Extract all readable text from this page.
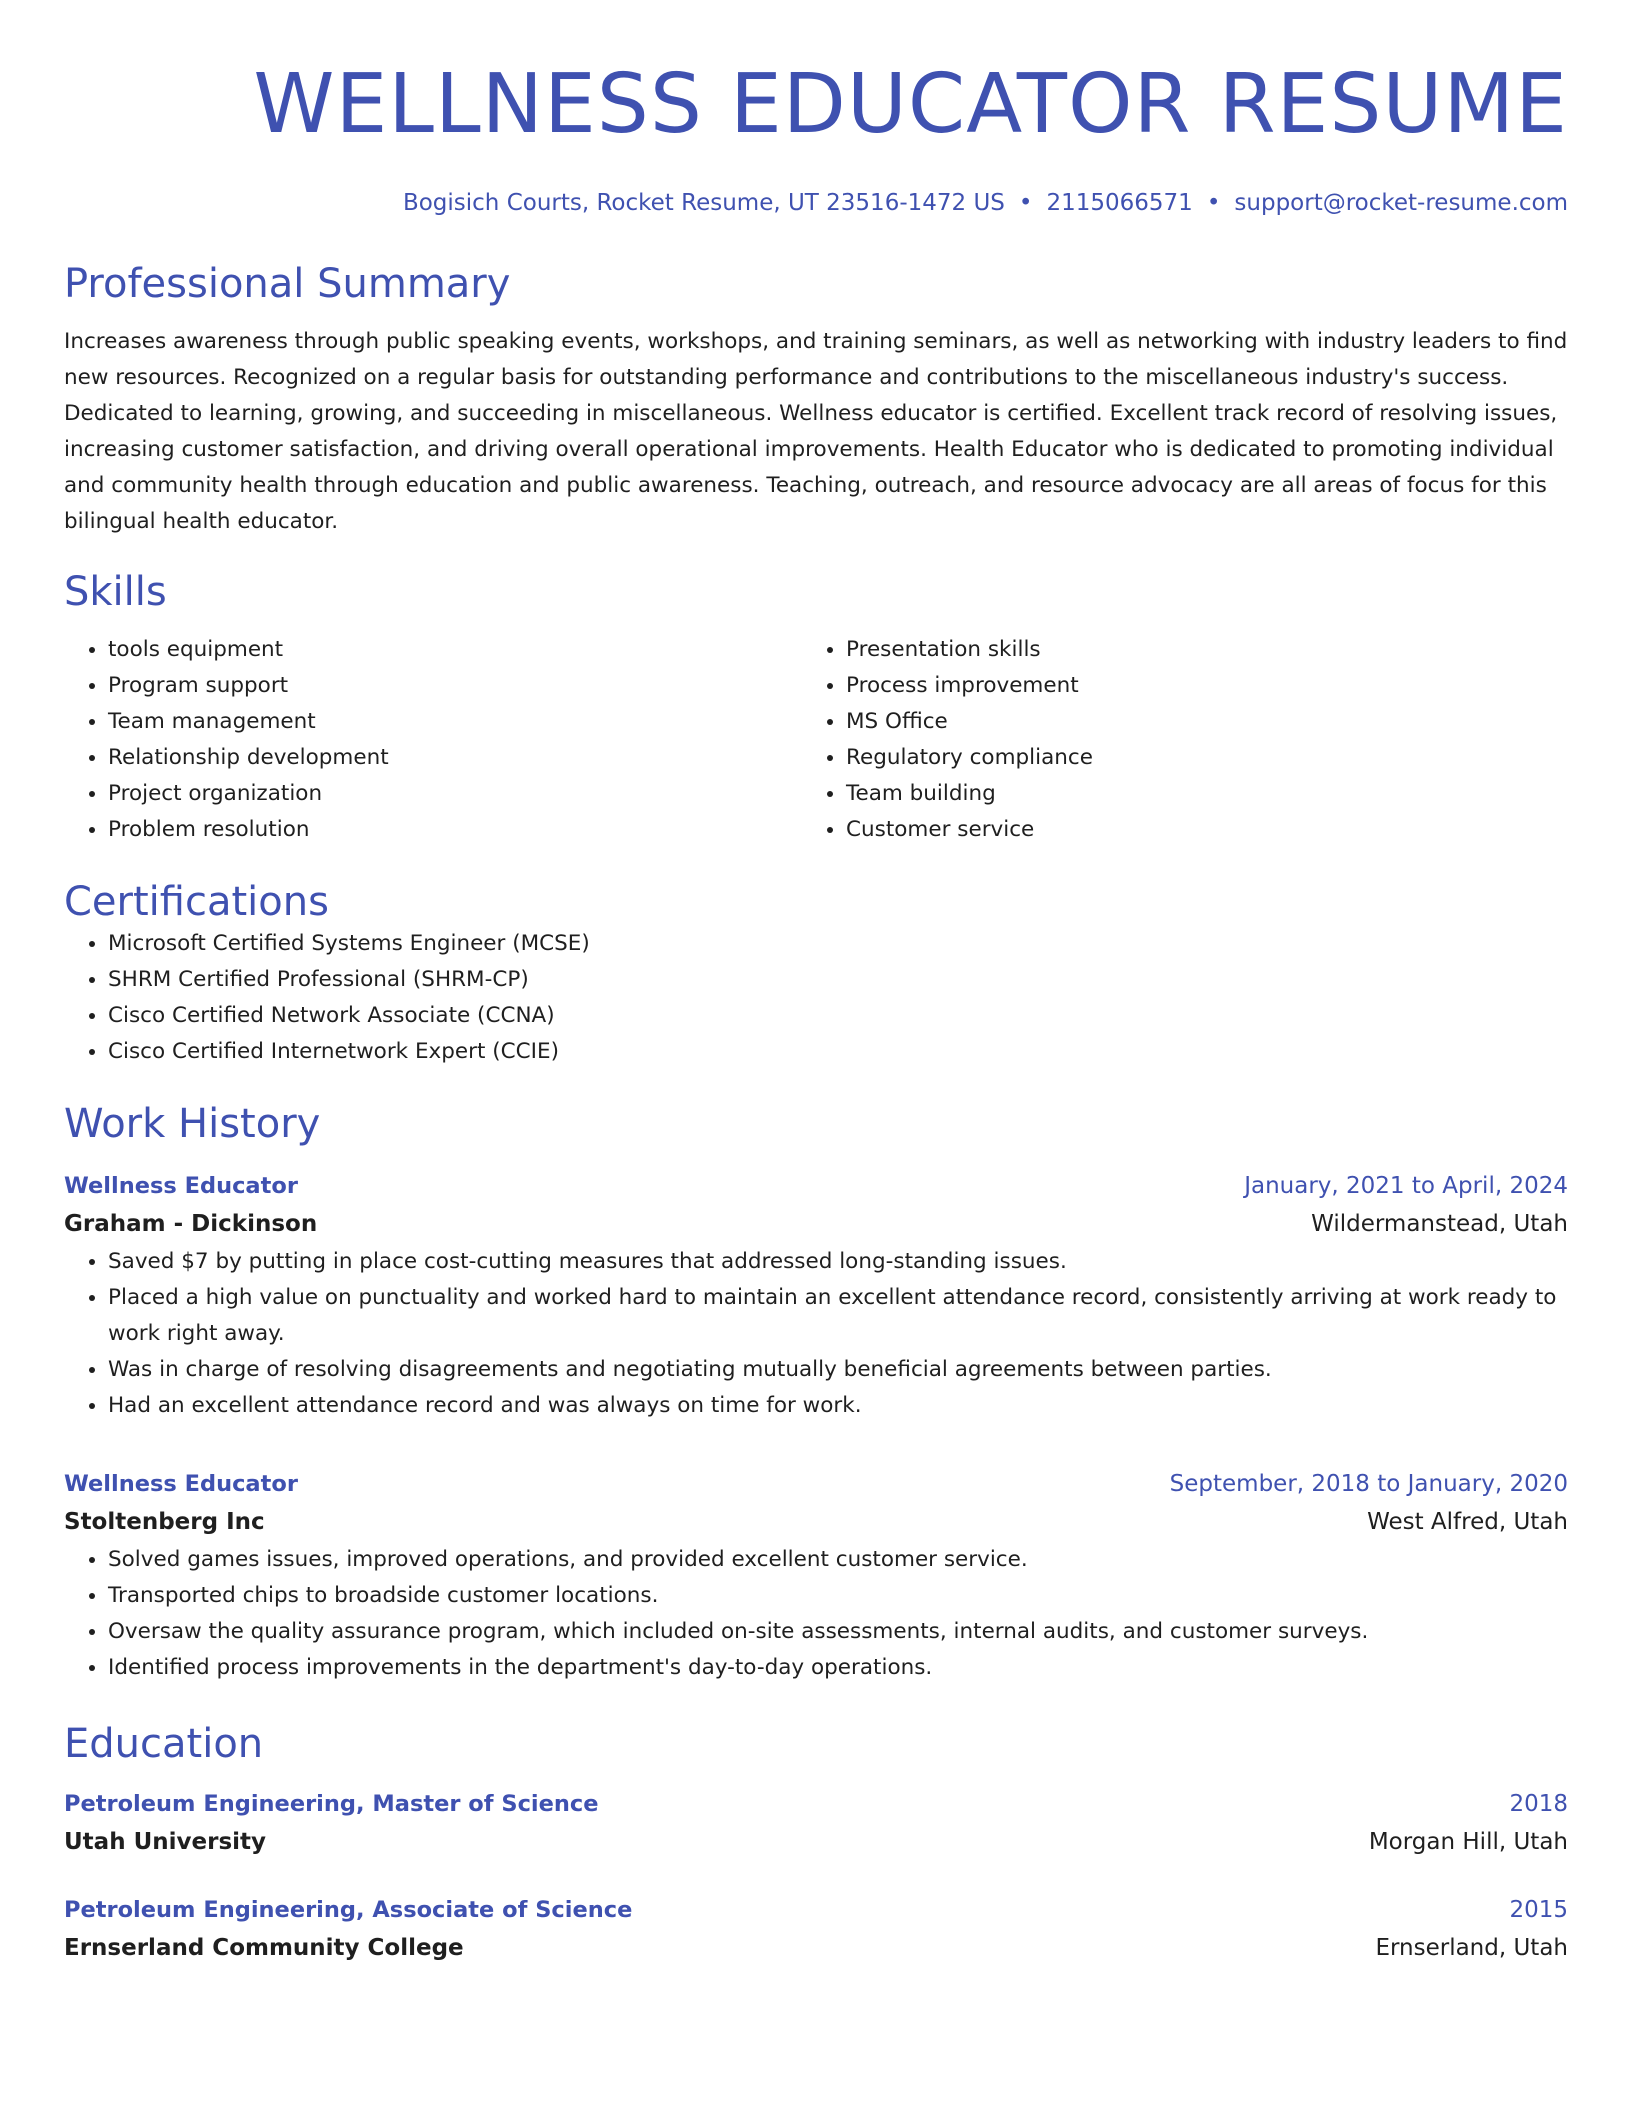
WELLNESS EDUCATOR RESUME
Bogisich Courts, Rocket Resume, UT 23516-1472 US • 2115066571 • support@rocket-resume.com
Professional Summary

Increases awareness through public speaking events, workshops, and training seminars, as well as networking with industry leaders to find new resources. Recognized on a regular basis for outstanding performance and contributions to the miscellaneous industry's success. Dedicated to learning, growing, and succeeding in miscellaneous. Wellness educator is certified. Excellent track record of resolving issues, increasing customer satisfaction, and driving overall operational improvements. Health Educator who is dedicated to promoting individual and community health through education and public awareness. Teaching, outreach, and resource advocacy are all areas of focus for this bilingual health educator.

Skills
• tools equipment
• Program support
• Team management
• Relationship development
• Project organization
• Problem resolution
• Presentation skills
• Process improvement
• MS Office
• Regulatory compliance
• Team building
• Customer service
Certifications
• Microsoft Certified Systems Engineer (MCSE)
• SHRM Certified Professional (SHRM-CP)
• Cisco Certified Network Associate (CCNA)
• Cisco Certified Internetwork Expert (CCIE)
Work History
Wellness Educator	January, 2021 to April, 2024
Graham - Dickinson	Wildermanstead, Utah
• Saved $7 by putting in place cost-cutting measures that addressed long-standing issues.
• Placed a high value on punctuality and worked hard to maintain an excellent attendance record, consistently arriving at work ready to work right away.
• Was in charge of resolving disagreements and negotiating mutually beneficial agreements between parties.
• Had an excellent attendance record and was always on time for work.
Wellness Educator	September, 2018 to January, 2020
Stoltenberg Inc	West Alfred, Utah
• Solved games issues, improved operations, and provided excellent customer service.
• Transported chips to broadside customer locations.
• Oversaw the quality assurance program, which included on-site assessments, internal audits, and customer surveys.
• Identified process improvements in the department's day-to-day operations.
Education
Petroleum Engineering, Master of Science	2018
Utah University	Morgan Hill, Utah
Petroleum Engineering, Associate of Science	2015
Ernserland Community College	Ernserland, Utah
